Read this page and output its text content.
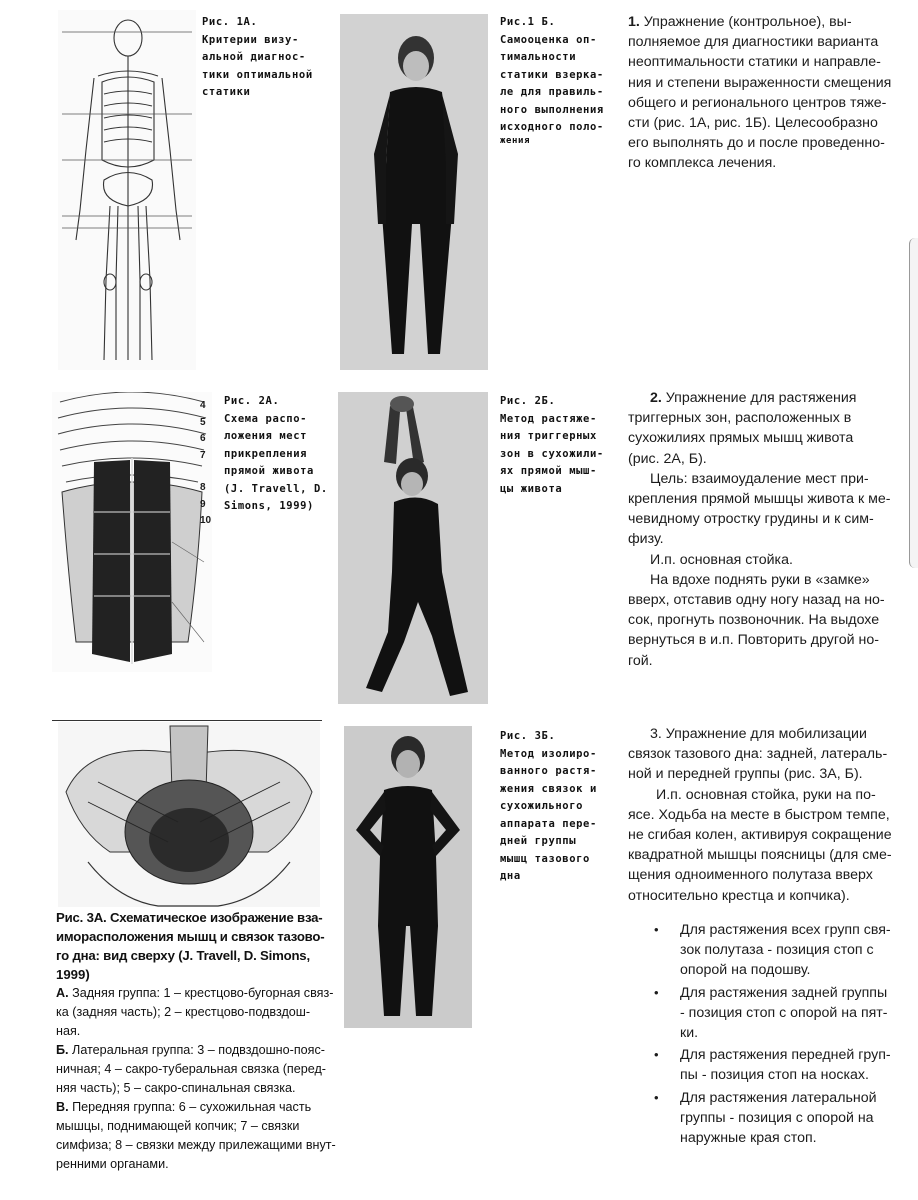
Рис. 1А.
Критерии визу-
альной диагнос-
тики оптимальной
статики
Рис.1 Б.
Самооценка оп-
тимальности
статики взерка-
ле для правиль-
ного выполнения
исходного поло-
жения
1. Упражнение (контрольное), вы-
полняемое для диагностики варианта
неоптимальности статики и направле-
ния и степени выраженности смещения
общего и регионального центров тяже-
сти (рис. 1А, рис. 1Б). Целесообразно
его выполнять до и после проведенно-
го комплекса лечения.
4
5
6
7
8
9
10
Рис. 2А.
Схема распо-
ложения мест
прикрепления
прямой живота
(J. Travell, D.
Simons, 1999)
Рис. 2Б.
Метод растяже-
ния триггерных
зон в сухожили-
ях прямой мыш-
цы живота
2. Упражнение для растяжения
триггерных зон, расположенных в
сухожилиях прямых мышц живота
(рис. 2А, Б).
Цель: взаимоудаление мест при-
крепления прямой мышцы живота к ме-
чевидному отростку грудины и к сим-
физу.
И.п. основная стойка.
На вдохе поднять руки в «замке»
вверх, отставив одну ногу назад на но-
сок, прогнуть позвоночник. На выдохе
вернуться в и.п. Повторить другой но-
гой.
Рис. 3А. Схематическое изображение вза-
иморасположения мышц и связок тазово-
го дна: вид сверху (J. Travell, D. Simons,
1999)
А. Задняя группа: 1 – крестцово-бугорная связ-
ка (задняя часть); 2 – крестцово-подвздош-
ная.
Б. Латеральная группа: 3 – подвздошно-пояс-
ничная; 4 – сакро-туберальная связка (перед-
няя часть); 5 – сакро-спинальная связка.
В. Передняя группа: 6 – сухожильная часть
мышцы, поднимающей копчик; 7 – связки
симфиза; 8 – связки между прилежащими внут-
ренними органами.
Рис. 3Б.
Метод изолиро-
ванного растя-
жения связок и
сухожильного
аппарата пере-
дней группы
мышц тазового
дна
3. Упражнение для мобилизации
связок тазового дна: задней, латераль-
ной и передней группы (рис. 3А, Б).
И.п. основная стойка, руки на по-
ясе. Ходьба на месте в быстром темпе,
не сгибая колен, активируя сокращение
квадратной мышцы поясницы (для сме-
щения одноименного полутаза вверх
относительно крестца и копчика).
• Для растяжения всех групп свя-
зок полутаза - позиция стоп с
опорой на подошву.
• Для растяжения задней группы
- позиция стоп с опорой на пят-
ки.
• Для растяжения передней груп-
пы - позиция стоп на носках.
• Для растяжения латеральной
группы - позиция с опорой на
наружные края стоп.
